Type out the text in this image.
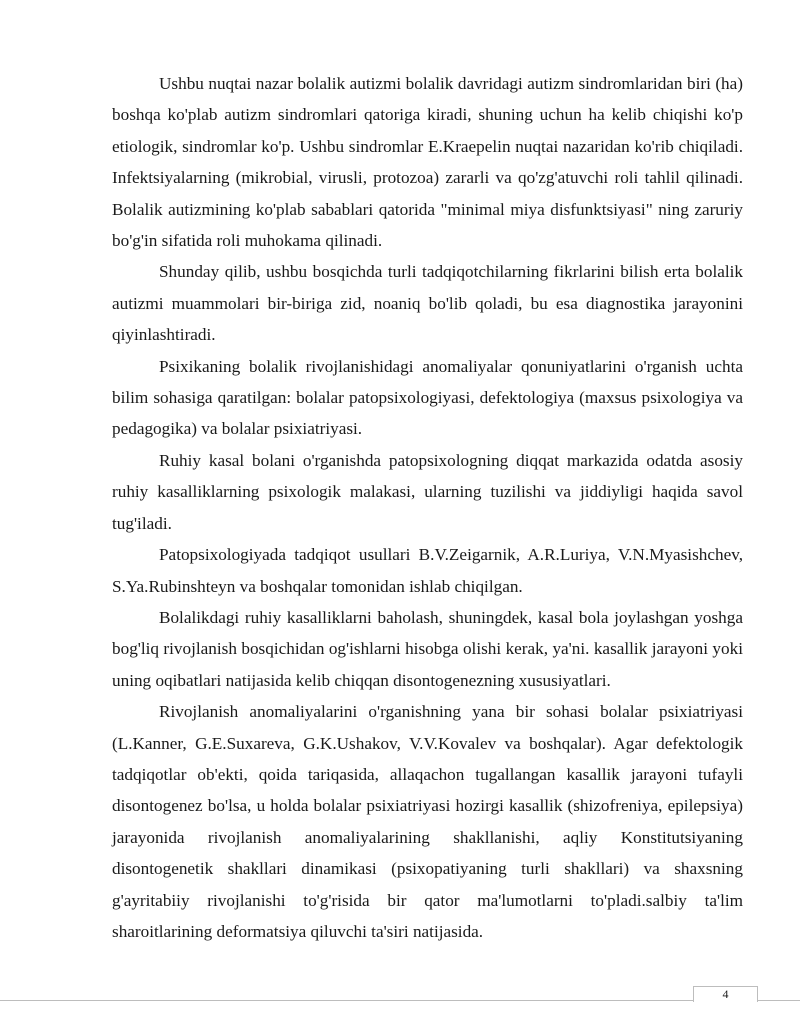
Ushbu nuqtai nazar bolalik autizmi bolalik davridagi autizm sindromlaridan biri (ha) boshqa ko'plab autizm sindromlari qatoriga kiradi, shuning uchun ha kelib chiqishi ko'p etiologik, sindromlar ko'p. Ushbu sindromlar E.Kraepelin nuqtai nazaridan ko'rib chiqiladi. Infektsiyalarning (mikrobial, virusli, protozoa) zararli va qo'zg'atuvchi roli tahlil qilinadi. Bolalik autizmining ko'plab sabablari qatorida "minimal miya disfunktsiyasi" ning zaruriy bo'g'in sifatida roli muhokama qilinadi.

Shunday qilib, ushbu bosqichda turli tadqiqotchilarning fikrlarini bilish erta bolalik autizmi muammolari bir-biriga zid, noaniq bo'lib qoladi, bu esa diagnostika jarayonini qiyinlashtiradi.

Psixikaning bolalik rivojlanishidagi anomaliyalar qonuniyatlarini o'rganish uchta bilim sohasiga qaratilgan: bolalar patopsixologiyasi, defektologiya (maxsus psixologiya va pedagogika) va bolalar psixiatriyasi.

Ruhiy kasal bolani o'rganishda patopsixologning diqqat markazida odatda asosiy ruhiy kasalliklarning psixologik malakasi, ularning tuzilishi va jiddiyligi haqida savol tug'iladi.

Patopsixologiyada tadqiqot usullari B.V.Zeigarnik, A.R.Luriya, V.N.Myasishchev, S.Ya.Rubinshteyn va boshqalar tomonidan ishlab chiqilgan.

Bolalikdagi ruhiy kasalliklarni baholash, shuningdek, kasal bola joylashgan yoshga bog'liq rivojlanish bosqichidan og'ishlarni hisobga olishi kerak, ya'ni. kasallik jarayoni yoki uning oqibatlari natijasida kelib chiqqan disontogenezning xususiyatlari.

Rivojlanish anomaliyalarini o'rganishning yana bir sohasi bolalar psixiatriyasi (L.Kanner, G.E.Suxareva, G.K.Ushakov, V.V.Kovalev va boshqalar). Agar defektologik tadqiqotlar ob'ekti, qoida tariqasida, allaqachon tugallangan kasallik jarayoni tufayli disontogenez bo'lsa, u holda bolalar psixiatriyasi hozirgi kasallik (shizofreniya, epilepsiya) jarayonida rivojlanish anomaliyalarining shakllanishi, aqliy Konstitutsiyaning disontogenetik shakllari dinamikasi (psixopatiyaning turli shakllari) va shaxsning g'ayritabiiy rivojlanishi to'g'risida bir qator ma'lumotlarni to'pladi.salbiy ta'lim sharoitlarining deformatsiya qiluvchi ta'siri natijasida.

4
